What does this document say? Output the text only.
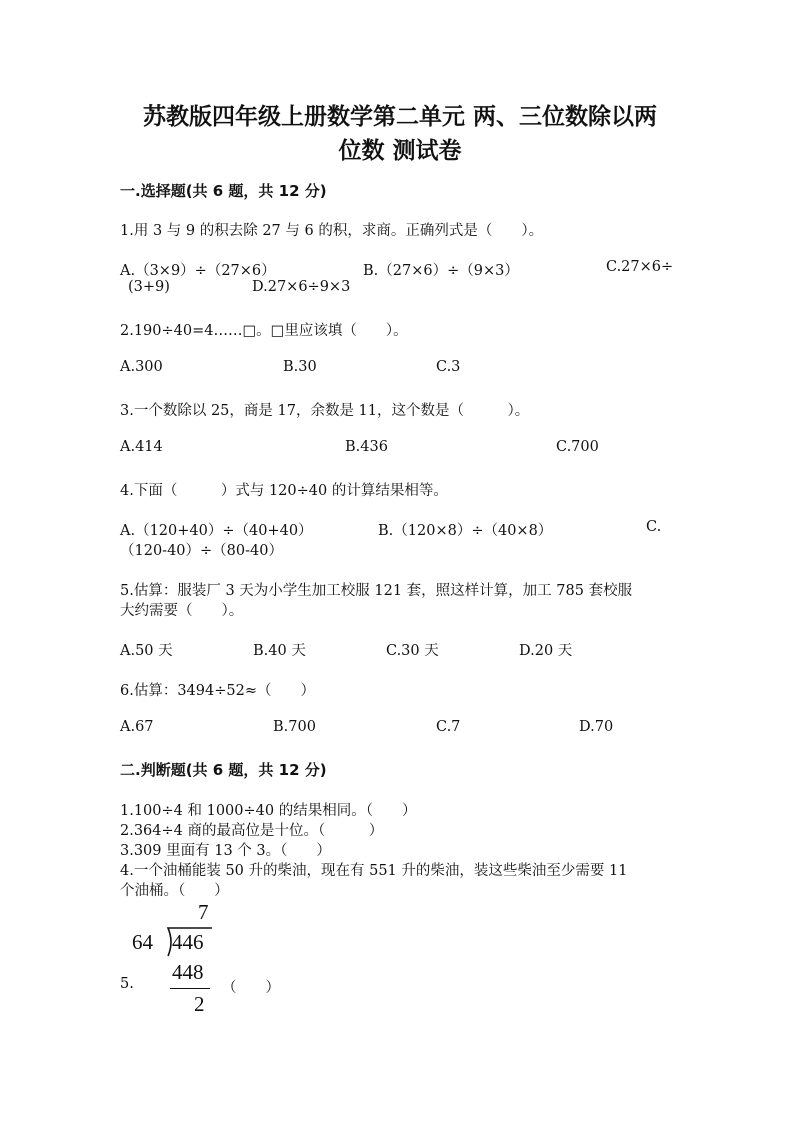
苏教版四年级上册数学第二单元 两、三位数除以两
位数 测试卷
一.选择题(共 6 题，共 12 分)
1.用 3 与 9 的积去除 27 与 6 的积，求商。正确列式是（　　）。
A.（3×9）÷（27×6）	B.（27×6）÷（9×3）	C.27×6÷
(3+9)	D.27×6÷9×3
2.190÷40=4……□。□里应该填（　　）。
A.300	B.30	C.3
3.一个数除以 25，商是 17，余数是 11，这个数是（　　　）。
A.414	B.436	C.700
4.下面（　　　）式与 120÷40 的计算结果相等。
A.（120+40）÷（40+40）	B.（120×8）÷（40×8）	C.
（120-40）÷（80-40）
5.估算：服装厂 3 天为小学生加工校服 121 套，照这样计算，加工 785 套校服
大约需要（　　）。
A.50 天	B.40 天	C.30 天	D.20 天
6.估算：3494÷52≈（　　）
A.67	B.700	C.7	D.70
二.判断题(共 6 题，共 12 分)
1.100÷4 和 1000÷40 的结果相同。（　　）
2.364÷4 商的最高位是十位。（　　　）
3.309 里面有 13 个 3。（　　）
4.一个油桶能装 50 升的柴油，现在有 551 升的柴油，装这些柴油至少需要 11
个油桶。（　　）
7
64 446
448
2
5.	（　　）
